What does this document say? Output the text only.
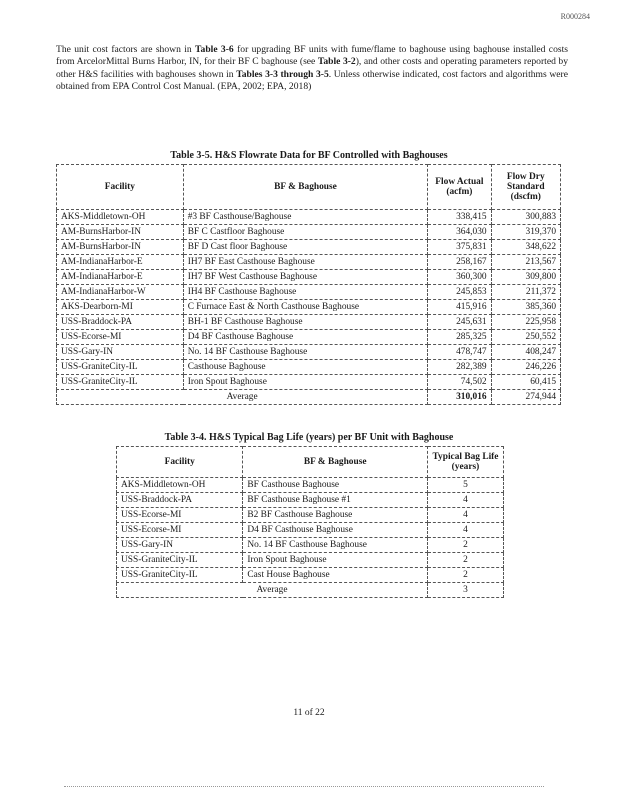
R000284

The unit cost factors are shown in Table 3-6 for upgrading BF units with fume/flame to baghouse using baghouse installed costs from ArcelorMittal Burns Harbor, IN, for their BF C baghouse (see Table 3-2), and other costs and operating parameters reported by other H&S facilities with baghouses shown in Tables 3-3 through 3-5. Unless otherwise indicated, cost factors and algorithms were obtained from EPA Control Cost Manual. (EPA, 2002; EPA, 2018)

Table 3-5. H&S Flowrate Data for BF Controlled with Baghouses
Facility	BF & Baghouse	Flow Actual (acfm)	Flow Dry Standard (dscfm)
AKS-Middletown-OH	#3 BF Casthouse/Baghouse	338,415	300,883
AM-BurnsHarbor-IN	BF C Castfloor Baghouse	364,030	319,370
AM-BurnsHarbor-IN	BF D Cast floor Baghouse	375,831	348,622
AM-IndianaHarbor-E	IH7 BF East Casthouse Baghouse	258,167	213,567
AM-IndianaHarbor-E	IH7 BF West Casthouse Baghouse	360,300	309,800
AM-IndianaHarbor-W	IH4 BF Casthouse Baghouse	245,853	211,372
AKS-Dearborn-MI	C Furnace East & North Casthouse Baghouse	415,916	385,360
USS-Braddock-PA	BH-1 BF Casthouse Baghouse	245,631	225,958
USS-Ecorse-MI	D4 BF Casthouse Baghouse	285,325	250,552
USS-Gary-IN	No. 14 BF Casthouse Baghouse	478,747	408,247
USS-GraniteCity-IL	Casthouse Baghouse	282,389	246,226
USS-GraniteCity-IL	Iron Spout Baghouse	74,502	60,415
Average		310,016	274,944
Table 3-4. H&S Typical Bag Life (years) per BF Unit with Baghouse
Facility	BF & Baghouse	Typical Bag Life (years)
AKS-Middletown-OH	BF Casthouse Baghouse	5
USS-Braddock-PA	BF Casthouse Baghouse #1	4
USS-Ecorse-MI	B2 BF Casthouse Baghouse	4
USS-Ecorse-MI	D4 BF Casthouse Baghouse	4
USS-Gary-IN	No. 14 BF Casthouse Baghouse	2
USS-GraniteCity-IL	Iron Spout Baghouse	2
USS-GraniteCity-IL	Cast House Baghouse	2
Average		3
11 of 22
